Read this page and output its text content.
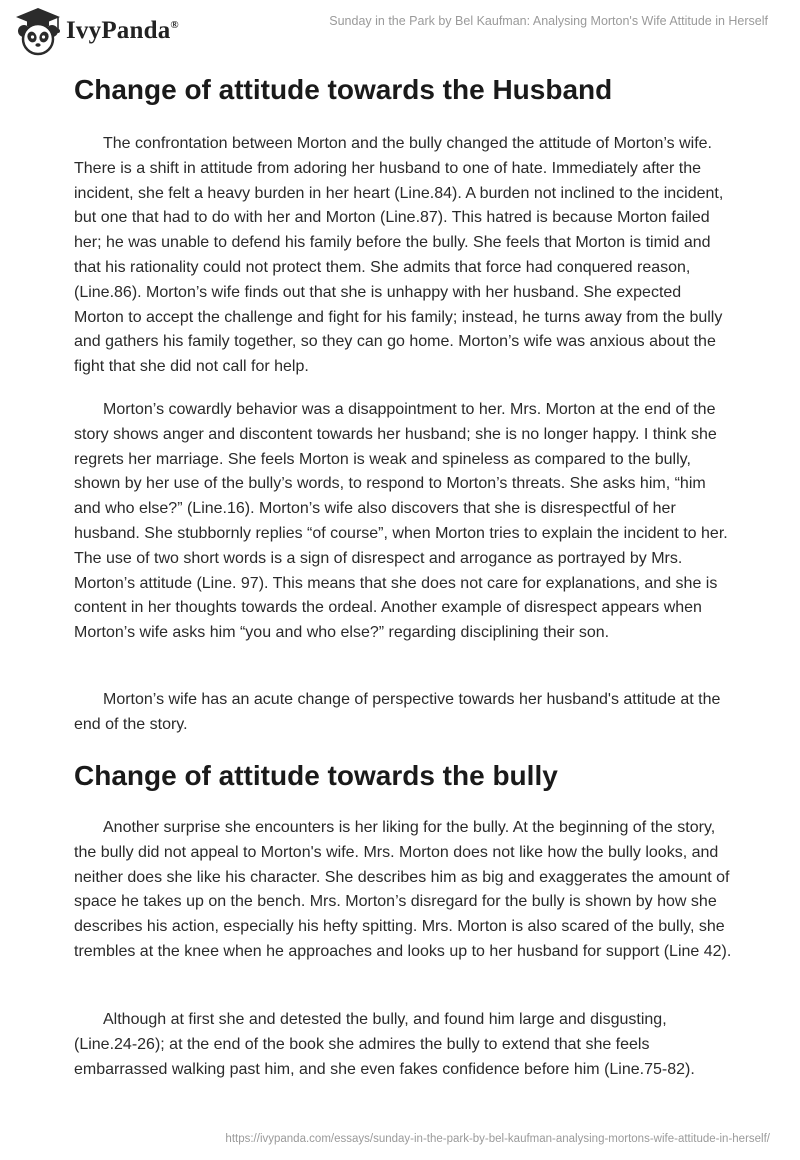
IvyPanda®	Sunday in the Park by Bel Kaufman: Analysing Morton's Wife Attitude in Herself
Change of attitude towards the Husband

The confrontation between Morton and the bully changed the attitude of Morton’s wife. There is a shift in attitude from adoring her husband to one of hate. Immediately after the incident, she felt a heavy burden in her heart (Line.84). A burden not inclined to the incident, but one that had to do with her and Morton (Line.87). This hatred is because Morton failed her; he was unable to defend his family before the bully. She feels that Morton is timid and that his rationality could not protect them. She admits that force had conquered reason, (Line.86). Morton’s wife finds out that she is unhappy with her husband. She expected Morton to accept the challenge and fight for his family; instead, he turns away from the bully and gathers his family together, so they can go home. Morton’s wife was anxious about the fight that she did not call for help.

Morton’s cowardly behavior was a disappointment to her. Mrs. Morton at the end of the story shows anger and discontent towards her husband; she is no longer happy. I think she regrets her marriage. She feels Morton is weak and spineless as compared to the bully, shown by her use of the bully’s words, to respond to Morton’s threats. She asks him, “him and who else?” (Line.16). Morton’s wife also discovers that she is disrespectful of her husband. She stubbornly replies “of course”, when Morton tries to explain the incident to her. The use of two short words is a sign of disrespect and arrogance as portrayed by Mrs. Morton’s attitude (Line. 97). This means that she does not care for explanations, and she is content in her thoughts towards the ordeal. Another example of disrespect appears when Morton’s wife asks him “you and who else?” regarding disciplining their son.

Morton’s wife has an acute change of perspective towards her husband's attitude at the end of the story.

Change of attitude towards the bully

Another surprise she encounters is her liking for the bully. At the beginning of the story, the bully did not appeal to Morton's wife. Mrs. Morton does not like how the bully looks, and neither does she like his character. She describes him as big and exaggerates the amount of space he takes up on the bench. Mrs. Morton’s disregard for the bully is shown by how she describes his action, especially his hefty spitting. Mrs. Morton is also scared of the bully, she trembles at the knee when he approaches and looks up to her husband for support (Line 42).

Although at first she and detested the bully, and found him large and disgusting, (Line.24-26); at the end of the book she admires the bully to extend that she feels embarrassed walking past him, and she even fakes confidence before him (Line.75-82).

https://ivypanda.com/essays/sunday-in-the-park-by-bel-kaufman-analysing-mortons-wife-attitude-in-herself/
